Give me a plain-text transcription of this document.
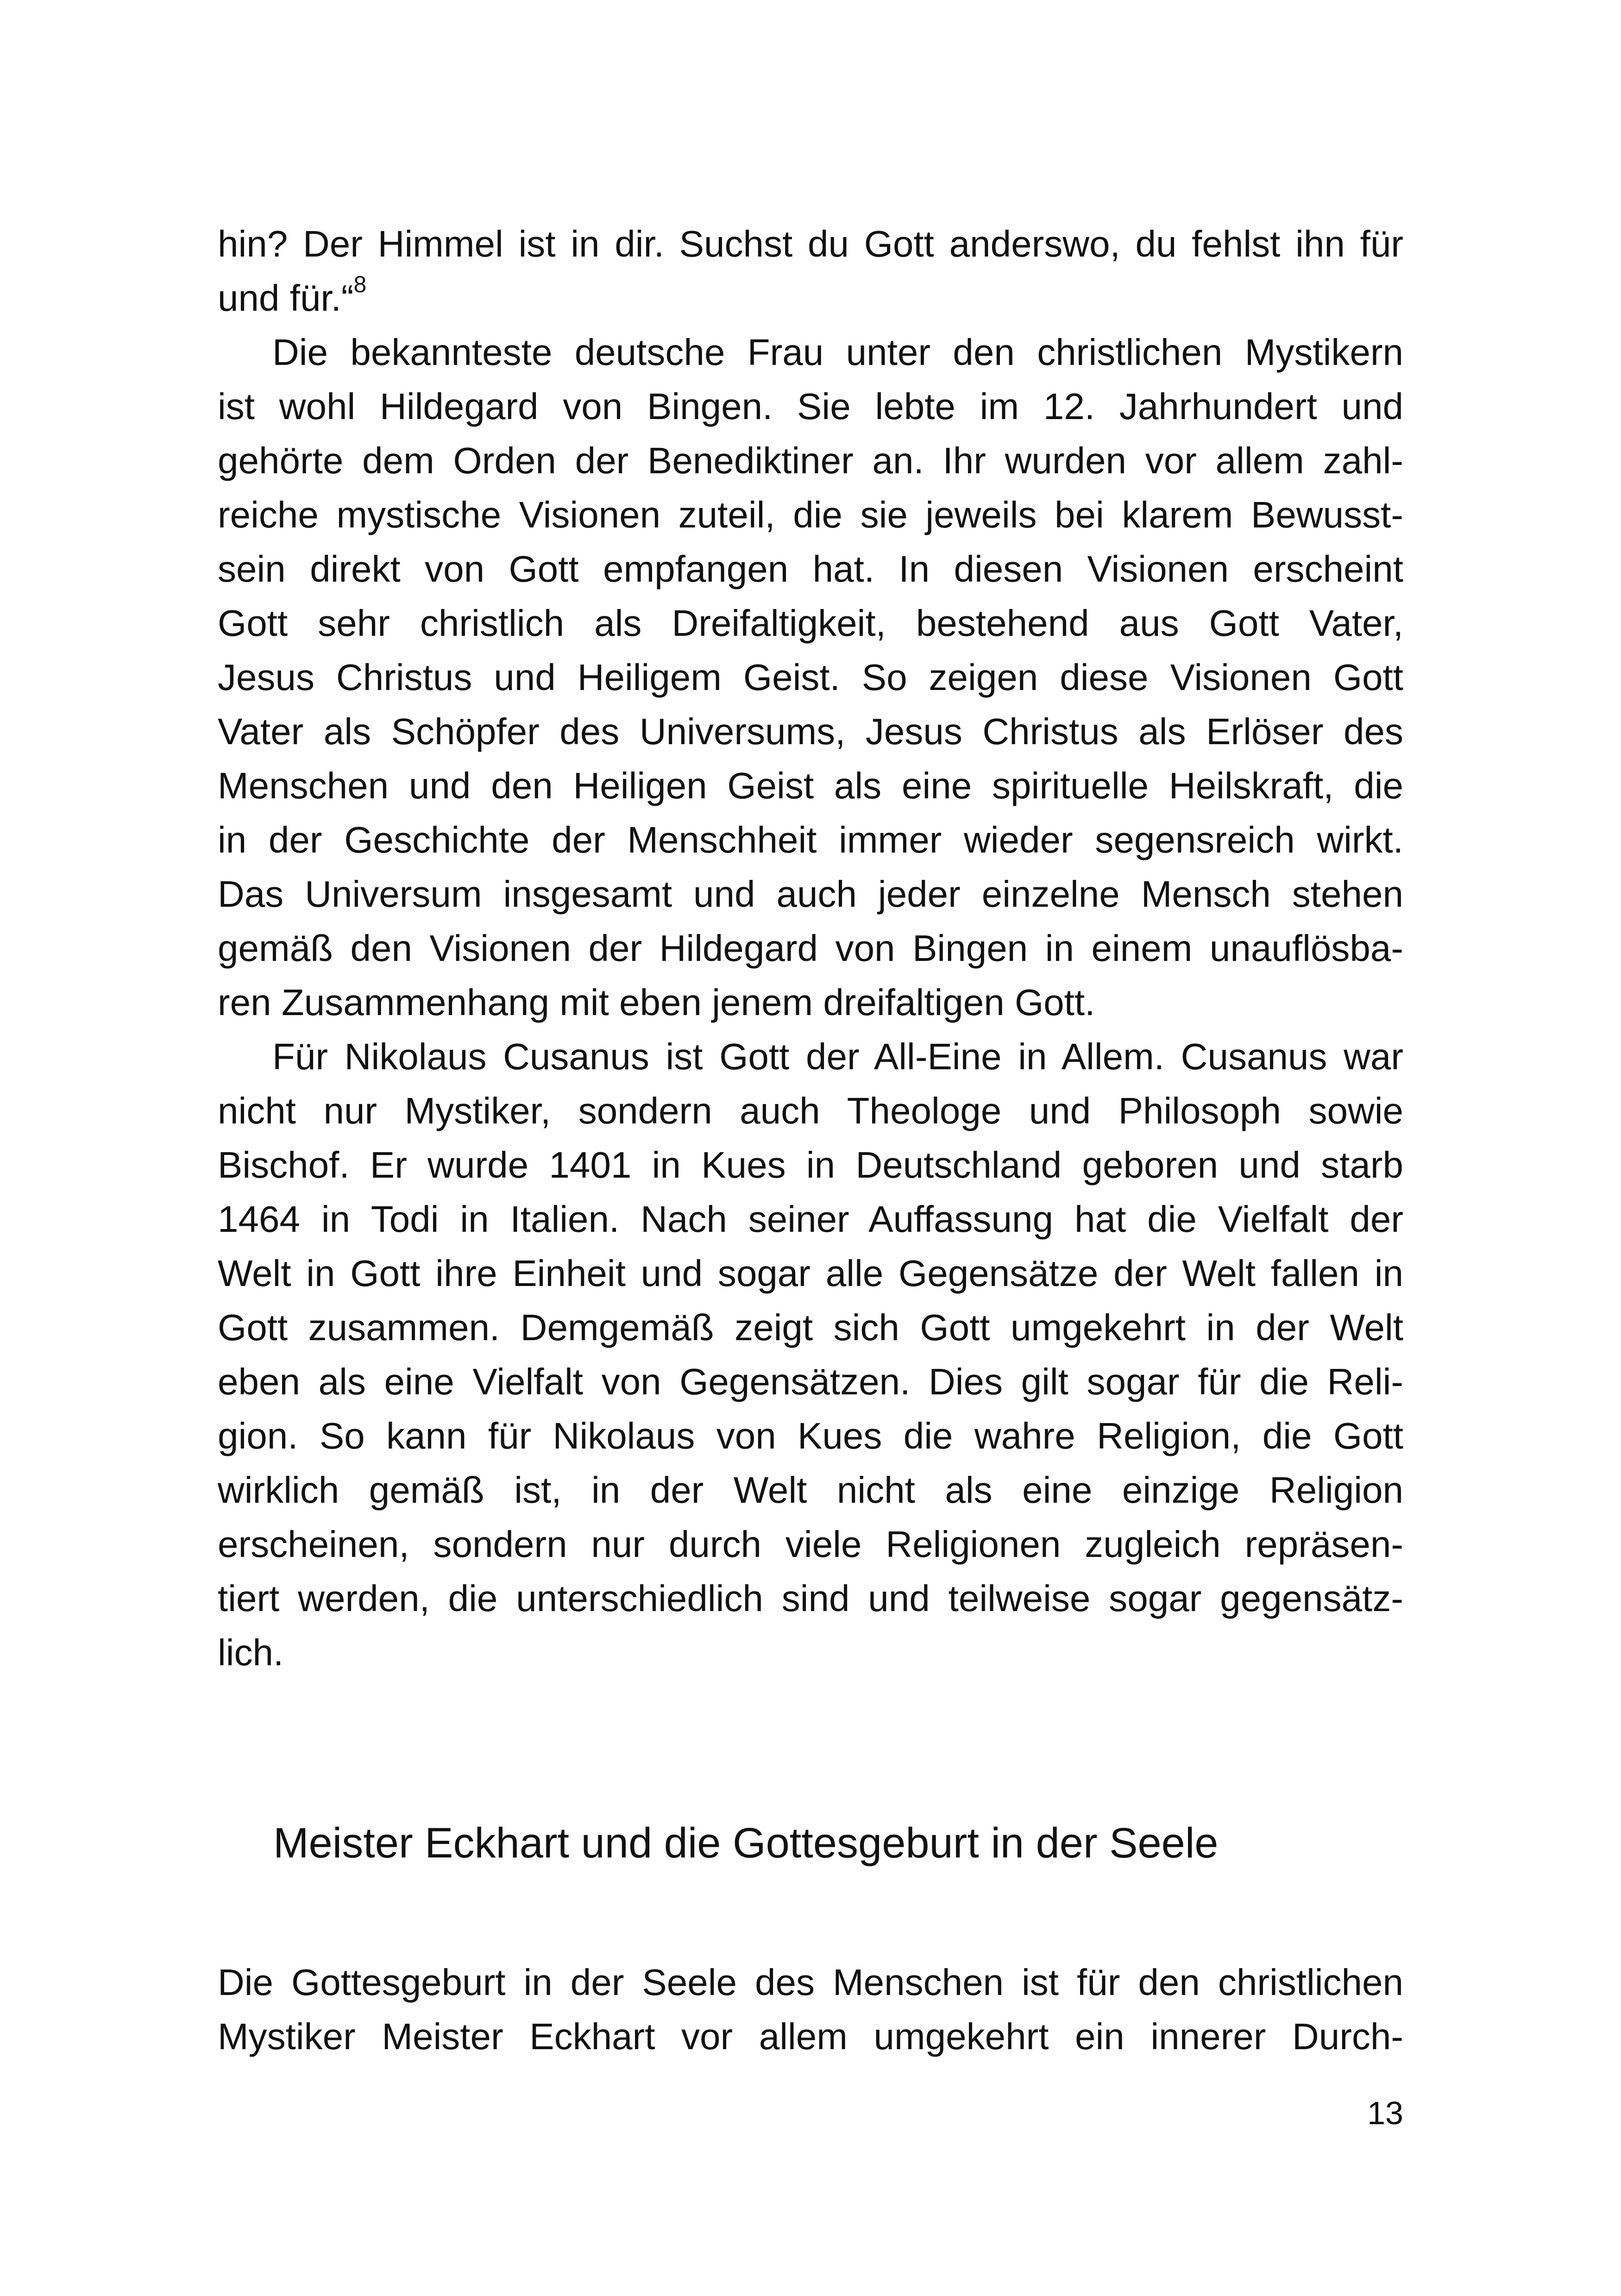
hin? Der Himmel ist in dir. Suchst du Gott anderswo, du fehlst ihn für
und für.“$^8$

Die bekannteste deutsche Frau unter den christlichen Mystikern
ist wohl Hildegard von Bingen. Sie lebte im 12. Jahrhundert und
gehörte dem Orden der Benediktiner an. Ihr wurden vor allem zahl-
reiche mystische Visionen zuteil, die sie jeweils bei klarem Bewusst-
sein direkt von Gott empfangen hat. In diesen Visionen erscheint
Gott sehr christlich als Dreifaltigkeit, bestehend aus Gott Vater,
Jesus Christus und Heiligem Geist. So zeigen diese Visionen Gott
Vater als Schöpfer des Universums, Jesus Christus als Erlöser des
Menschen und den Heiligen Geist als eine spirituelle Heilskraft, die
in der Geschichte der Menschheit immer wieder segensreich wirkt.
Das Universum insgesamt und auch jeder einzelne Mensch stehen
gemäß den Visionen der Hildegard von Bingen in einem unauflösba-
ren Zusammenhang mit eben jenem dreifaltigen Gott.

Für Nikolaus Cusanus ist Gott der All-Eine in Allem. Cusanus war
nicht nur Mystiker, sondern auch Theologe und Philosoph sowie
Bischof. Er wurde 1401 in Kues in Deutschland geboren und starb
1464 in Todi in Italien. Nach seiner Auffassung hat die Vielfalt der
Welt in Gott ihre Einheit und sogar alle Gegensätze der Welt fallen in
Gott zusammen. Demgemäß zeigt sich Gott umgekehrt in der Welt
eben als eine Vielfalt von Gegensätzen. Dies gilt sogar für die Reli-
gion. So kann für Nikolaus von Kues die wahre Religion, die Gott
wirklich gemäß ist, in der Welt nicht als eine einzige Religion
erscheinen, sondern nur durch viele Religionen zugleich repräsen-
tiert werden, die unterschiedlich sind und teilweise sogar gegensätz-
lich.

Meister Eckhart und die Gottesgeburt in der Seele

Die Gottesgeburt in der Seele des Menschen ist für den christlichen
Mystiker Meister Eckhart vor allem umgekehrt ein innerer Durch-

13
